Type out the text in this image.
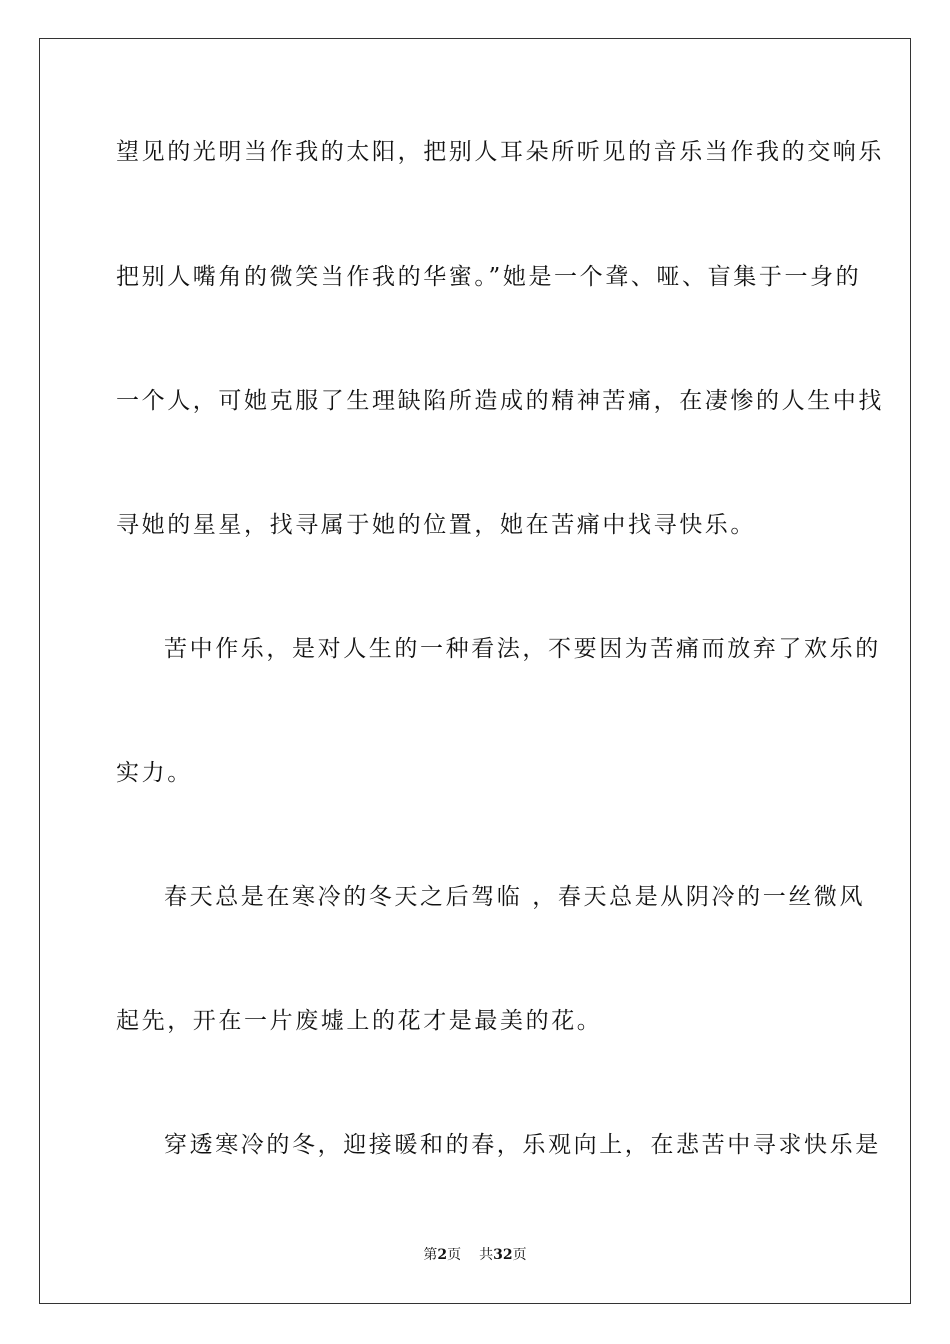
望见的光明当作我的太阳，把别人耳朵所听见的音乐当作我的交响乐
把别人嘴角的微笑当作我的华蜜。”她是一个聋、哑、盲集于一身的
一个人，可她克服了生理缺陷所造成的精神苦痛，在凄惨的人生中找
寻她的星星，找寻属于她的位置，她在苦痛中找寻快乐。
苦中作乐，是对人生的一种看法，不要因为苦痛而放弃了欢乐的
实力。
春天总是在寒冷的冬天之后驾临 ，春天总是从阴冷的一丝微风
起先，开在一片废墟上的花才是最美的花。
穿透寒冷的冬，迎接暖和的春，乐观向上，在悲苦中寻求快乐是
第2页 共32页
